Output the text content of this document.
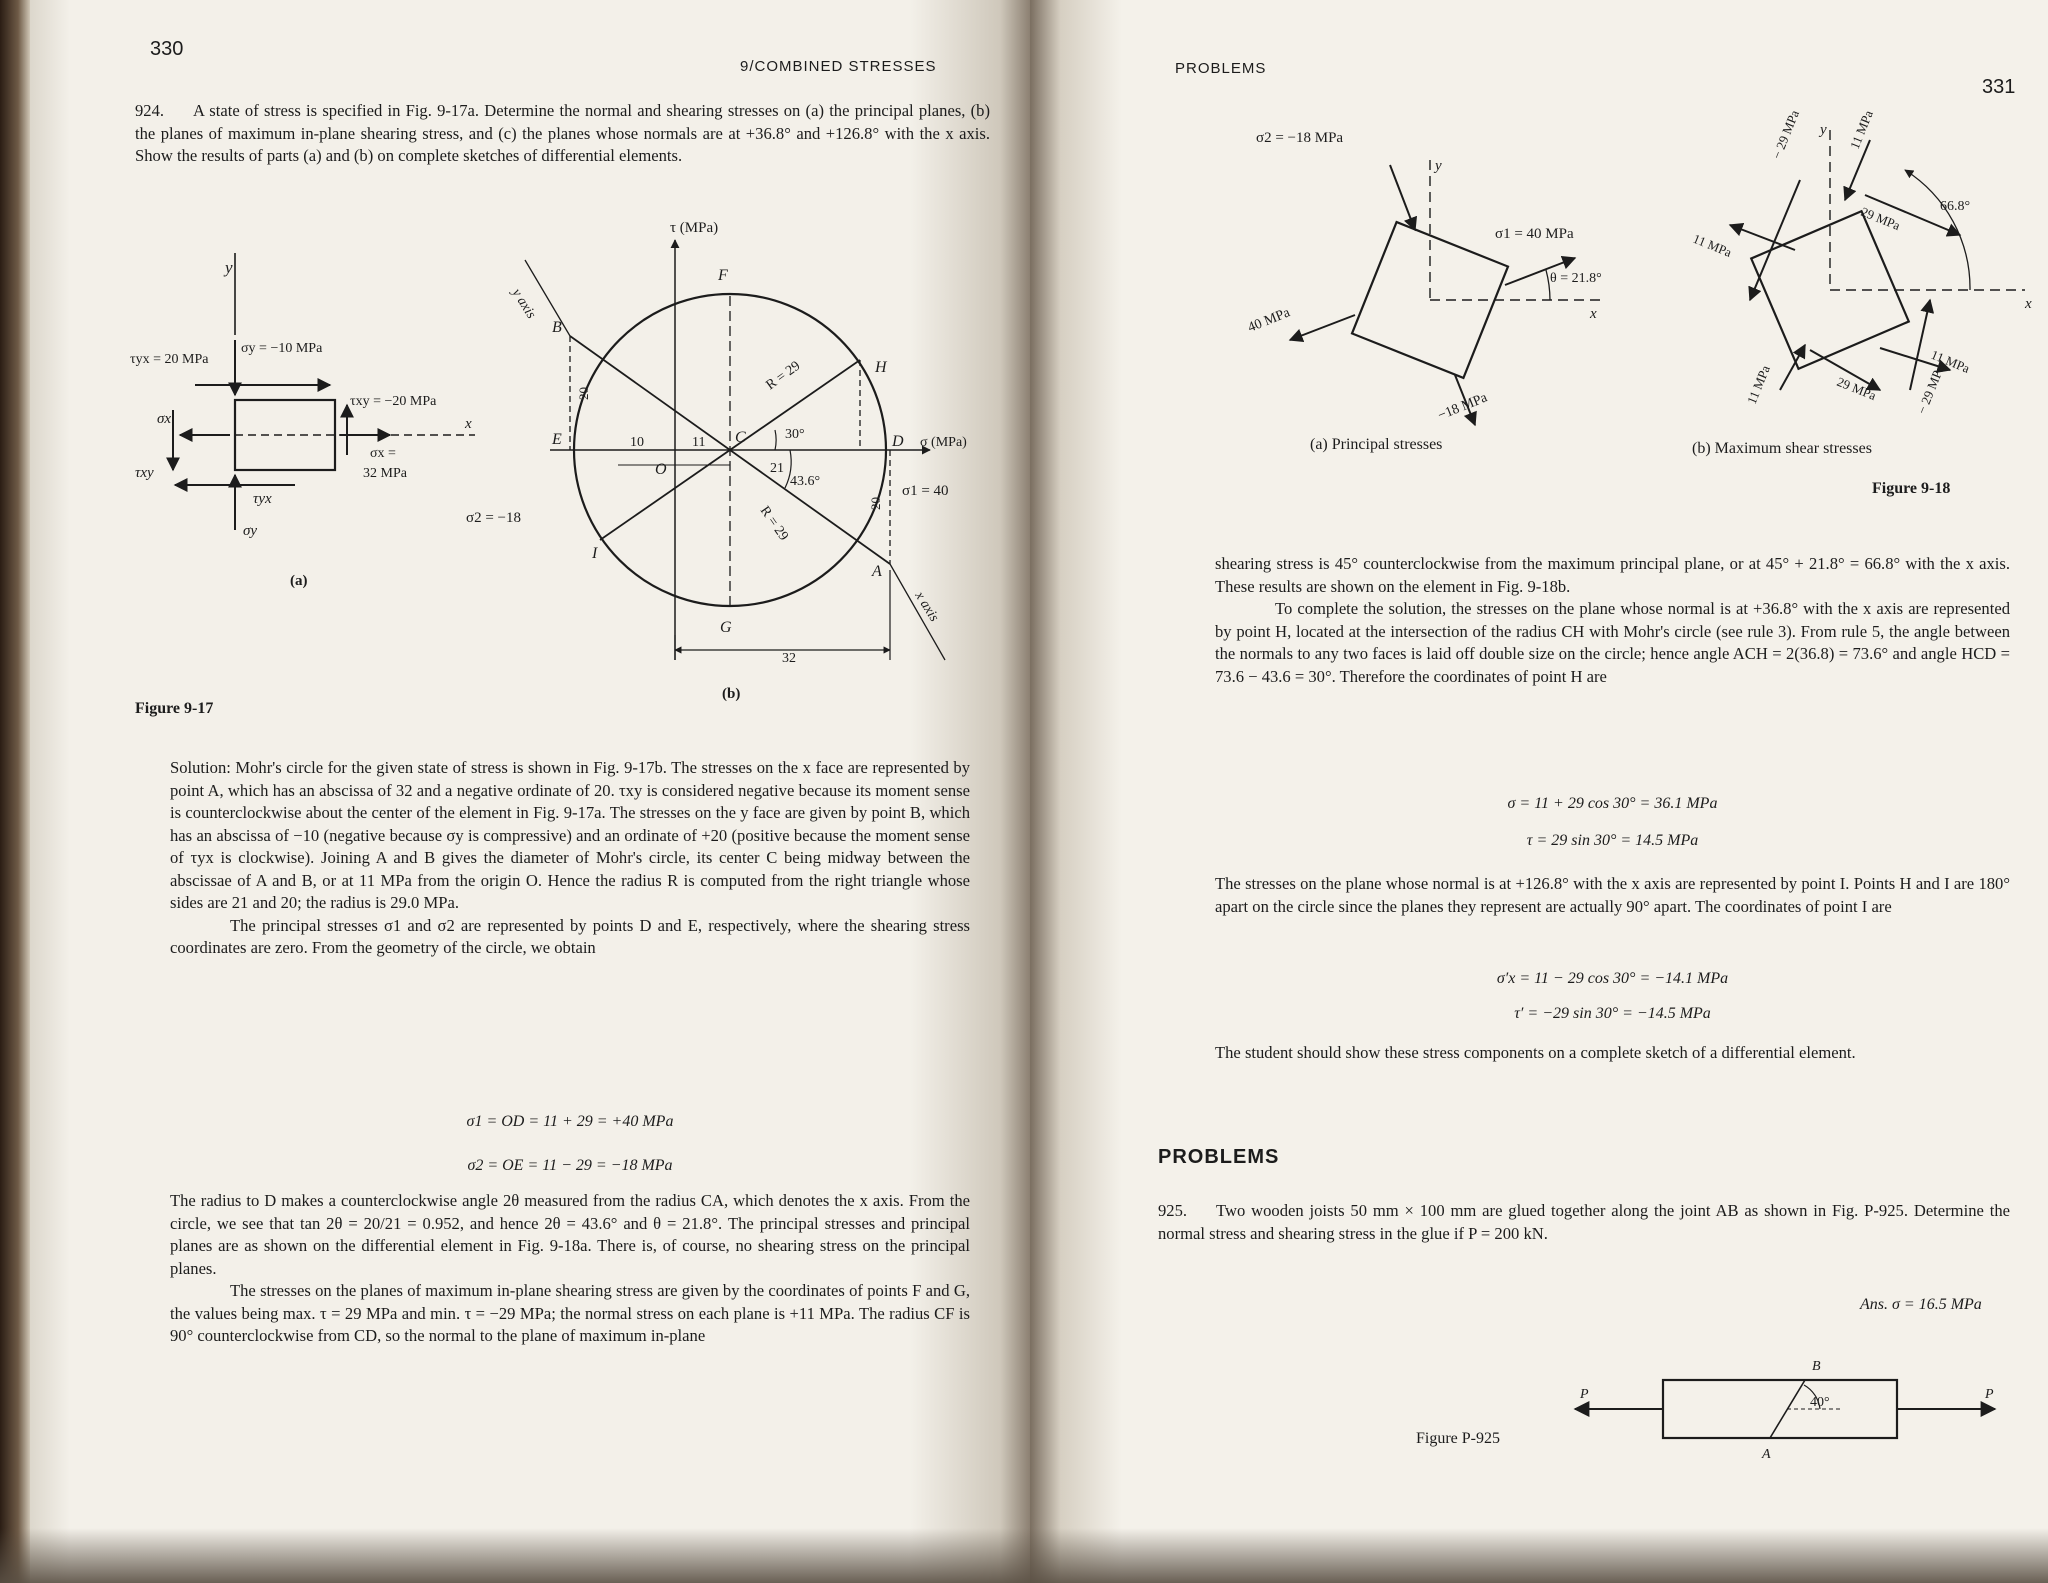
330
9/COMBINED STRESSES
924. A state of stress is specified in Fig. 9-17a. Determine the normal and shearing stresses on (a) the principal planes, (b) the planes of maximum in-plane shearing stress, and (c) the planes whose normals are at +36.8° and +126.8° with the x axis. Show the results of parts (a) and (b) on complete sketches of differential elements.
y
τyx = 20 MPa
σy = −10 MPa
τxy = −20 MPa
x
σx
τxy
σx =
32 MPa
τyx
σy
(a)
τ (MPa)
F
H
B
E
O
C	D σ (MPa)
I
A
G
R = 29
R = 29
30°
43.6°
20
20
10	11
21
32
σ1 = 40
σ2 = −18
y axis
x axis
(b)
Figure 9-17
Solution: Mohr's circle for the given state of stress is shown in Fig. 9-17b. The stresses on the x face are represented by point A, which has an abscissa of 32 and a negative ordinate of 20. τxy is considered negative because its moment sense is counterclockwise about the center of the element in Fig. 9-17a. The stresses on the y face are given by point B, which has an abscissa of −10 (negative because σy is compressive) and an ordinate of +20 (positive because the moment sense of τyx is clockwise). Joining A and B gives the diameter of Mohr's circle, its center C being midway between the abscissae of A and B, or at 11 MPa from the origin O. Hence the radius R is computed from the right triangle whose sides are 21 and 20; the radius is 29.0 MPa.
The principal stresses σ1 and σ2 are represented by points D and E, respectively, where the shearing stress coordinates are zero. From the geometry of the circle, we obtain
σ1 = OD = 11 + 29 = +40 MPa
σ2 = OE = 11 − 29 = −18 MPa
The radius to D makes a counterclockwise angle 2θ measured from the radius CA, which denotes the x axis. From the circle, we see that tan 2θ = 20/21 = 0.952, and hence 2θ = 43.6° and θ = 21.8°. The principal stresses and principal planes are as shown on the differential element in Fig. 9-18a. There is, of course, no shearing stress on the principal planes.
The stresses on the planes of maximum in-plane shearing stress are given by the coordinates of points F and G, the values being max. τ = 29 MPa and min. τ = −29 MPa; the normal stress on each plane is +11 MPa. The radius CF is 90° counterclockwise from CD, so the normal to the plane of maximum in-plane
PROBLEMS
331
σ2 = −18 MPa
y
σ1 = 40 MPa
θ = 21.8°
x
40 MPa
−18 MPa
(a) Principal stresses
y 11 MPa
− 29 MPa
29 MPa	66.8°
11 MPa
x
11 MPa
− 29 MPa
29 MPa
11 MPa
(b) Maximum shear stresses
Figure 9-18
shearing stress is 45° counterclockwise from the maximum principal plane, or at 45° + 21.8° = 66.8° with the x axis. These results are shown on the element in Fig. 9-18b.
To complete the solution, the stresses on the plane whose normal is at +36.8° with the x axis are represented by point H, located at the intersection of the radius CH with Mohr's circle (see rule 3). From rule 5, the angle between the normals to any two faces is laid off double size on the circle; hence angle ACH = 2(36.8) = 73.6° and angle HCD = 73.6 − 43.6 = 30°. Therefore the coordinates of point H are
σ = 11 + 29 cos 30° = 36.1 MPa
τ = 29 sin 30° = 14.5 MPa
The stresses on the plane whose normal is at +126.8° with the x axis are represented by point I. Points H and I are 180° apart on the circle since the planes they represent are actually 90° apart. The coordinates of point I are
σ′x = 11 − 29 cos 30° = −14.1 MPa
τ′ = −29 sin 30° = −14.5 MPa
The student should show these stress components on a complete sketch of a differential element.
PROBLEMS
925. Two wooden joists 50 mm × 100 mm are glued together along the joint AB as shown in Fig. P-925. Determine the normal stress and shearing stress in the glue if P = 200 kN.
Ans. σ = 16.5 MPa
P	P
B
A
40°
Figure P-925
